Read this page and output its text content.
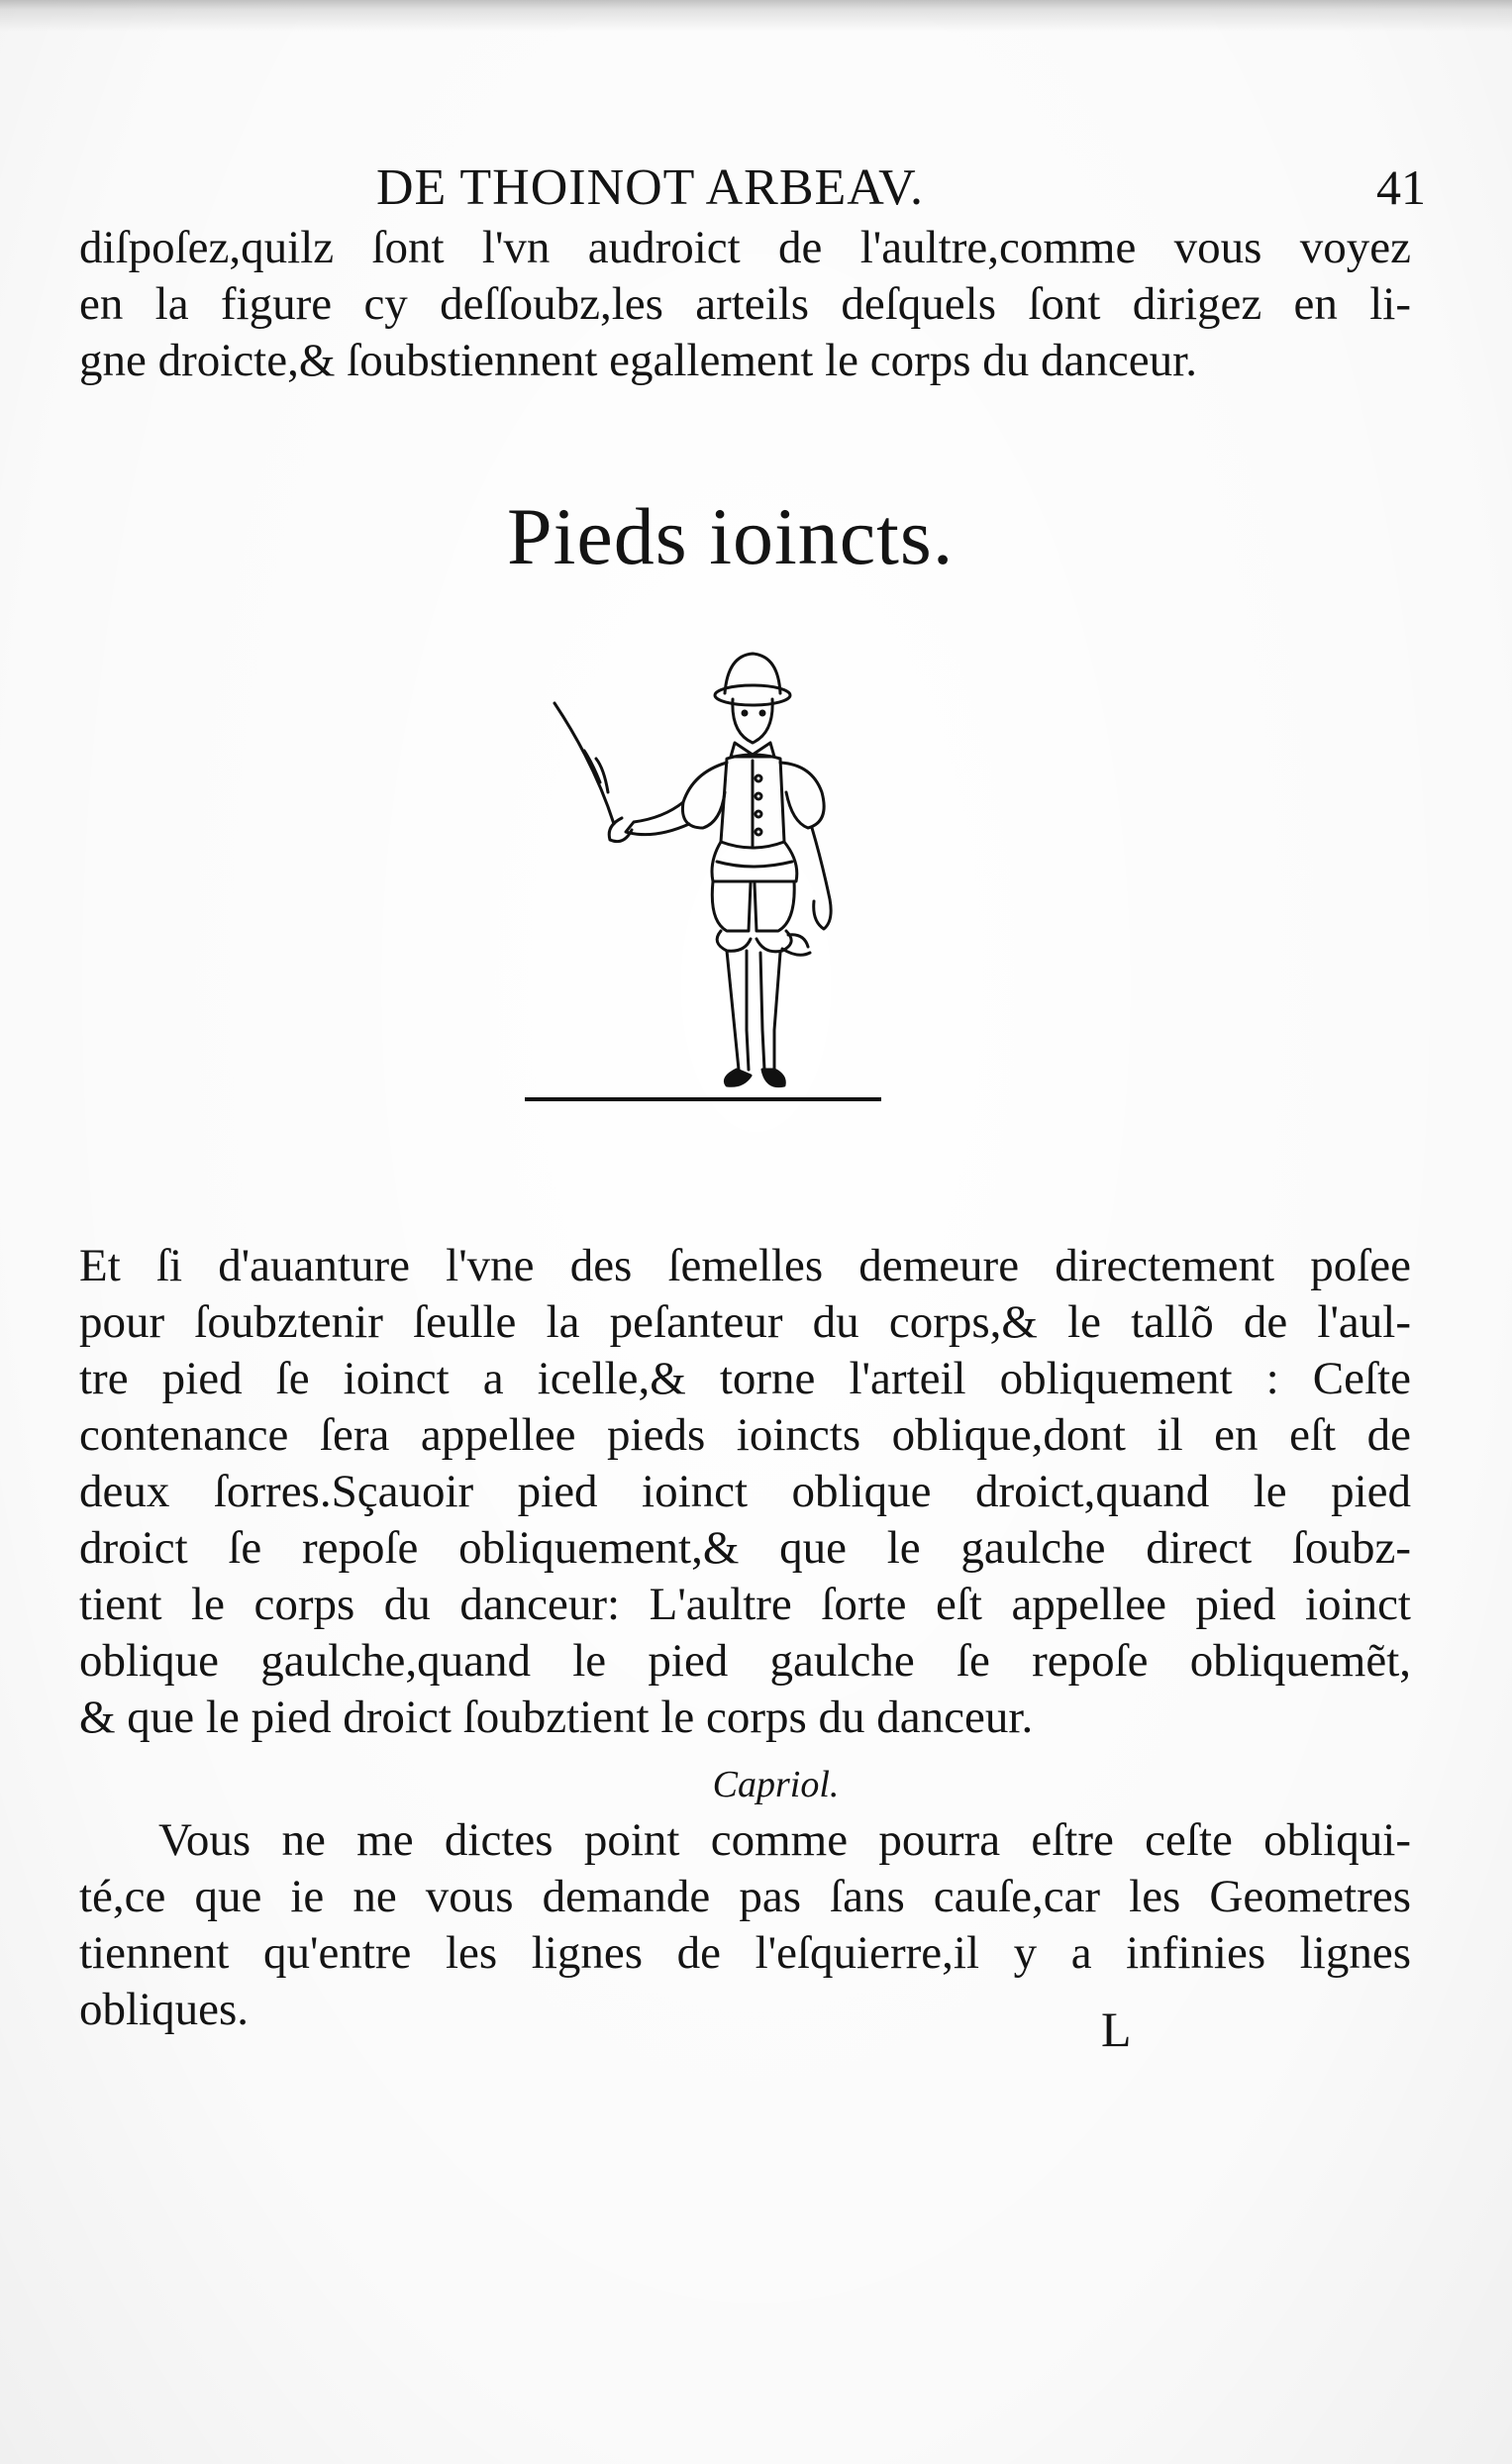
DE THOINOT ARBEAV.	41
diſpoſez,quilz ſont l'vn audroict de l'aultre,comme vous voyez
en la figure cy deſſoubz,les arteils deſquels ſont dirigez en li-
gne droicte,& ſoubstiennent egallement le corps du danceur.
Pieds ioincts.
Et ſi d'auanture l'vne des ſemelles demeure directement poſee
pour ſoubztenir ſeulle la peſanteur du corps,& le tallõ de l'aul-
tre pied ſe ioinct a icelle,& torne l'arteil obliquement : Ceſte
contenance ſera appellee pieds ioincts oblique,dont il en eſt de
deux ſorres.Sçauoir pied ioinct oblique droict,quand le pied
droict ſe repoſe obliquement,& que le gaulche direct ſoubz-
tient le corps du danceur: L'aultre ſorte eſt appellee pied ioinct
oblique gaulche,quand le pied gaulche ſe repoſe obliquemẽt,
& que le pied droict ſoubztient le corps du danceur.
Capriol.
Vous ne me dictes point comme pourra eſtre ceſte obliqui-
té,ce que ie ne vous demande pas ſans cauſe,car les Geometres
tiennent qu'entre les lignes de l'eſquierre,il y a infinies lignes
obliques.	L
